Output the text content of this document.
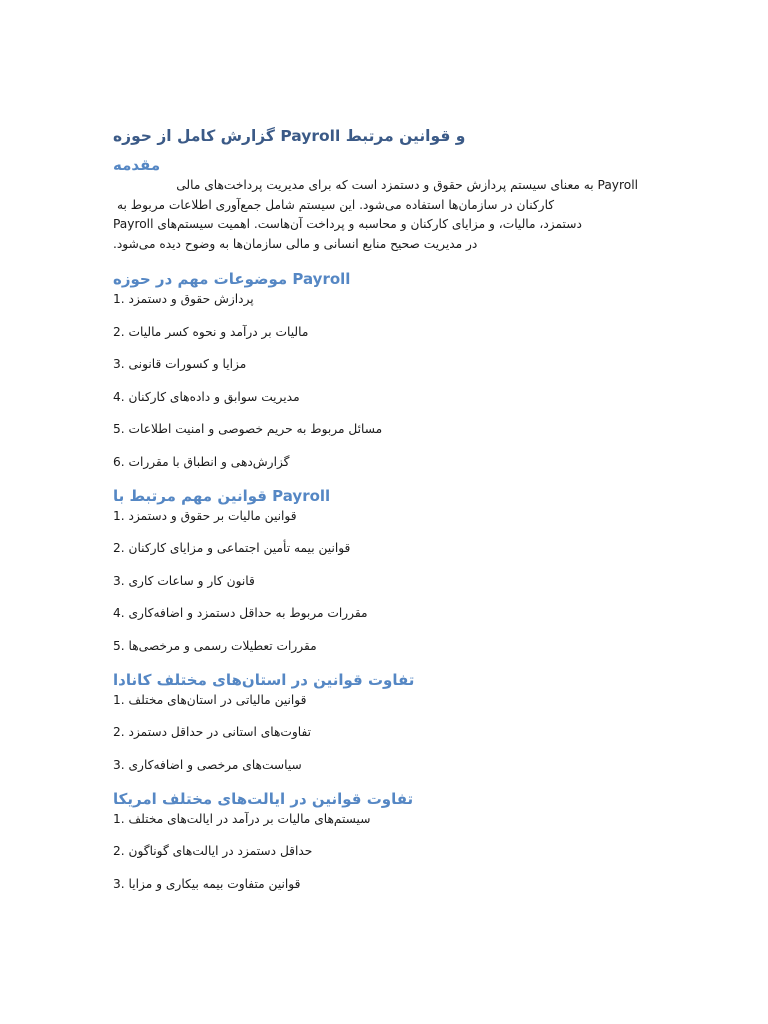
گزارش کامل از حوزه Payroll و قوانین مرتبط
مقدمه

Payroll به معنای سیستم پردازش حقوق و دستمزد است که برای مدیریت پرداخت‌های مالی
کارکنان در سازمان‌ها استفاده می‌شود. این سیستم شامل جمع‌آوری اطلاعات مربوط به
دستمزد، مالیات، و مزایای کارکنان و محاسبه و پرداخت آن‌هاست. اهمیت سیستم‌های Payroll
در مدیریت صحیح منابع انسانی و مالی سازمان‌ها به وضوح دیده می‌شود.

موضوعات مهم در حوزه Payroll
1. پردازش حقوق و دستمزد
2. مالیات بر درآمد و نحوه کسر مالیات
3. مزایا و کسورات قانونی
4. مدیریت سوابق و داده‌های کارکنان
5. مسائل مربوط به حریم خصوصی و امنیت اطلاعات
6. گزارش‌دهی و انطباق با مقررات
قوانین مهم مرتبط با Payroll
1. قوانین مالیات بر حقوق و دستمزد
2. قوانین بیمه تأمین اجتماعی و مزایای کارکنان
3. قانون کار و ساعات کاری
4. مقررات مربوط به حداقل دستمزد و اضافه‌کاری
5. مقررات تعطیلات رسمی و مرخصی‌ها
تفاوت قوانین در استان‌های مختلف کانادا
1. قوانین مالیاتی در استان‌های مختلف
2. تفاوت‌های استانی در حداقل دستمزد
3. سیاست‌های مرخصی و اضافه‌کاری
تفاوت قوانین در ایالت‌های مختلف امریکا
1. سیستم‌های مالیات بر درآمد در ایالت‌های مختلف
2. حداقل دستمزد در ایالت‌های گوناگون
3. قوانین متفاوت بیمه بیکاری و مزایا
